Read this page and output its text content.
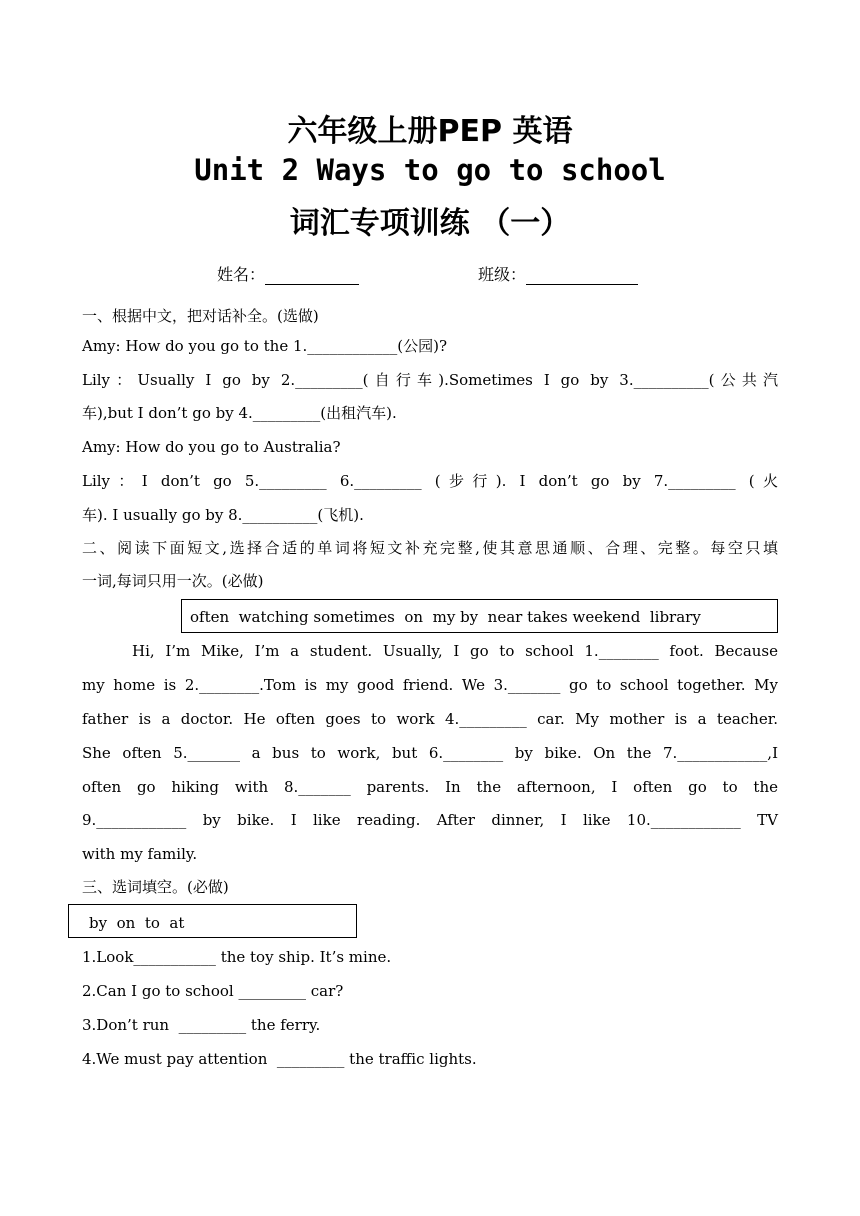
六年级上册PEP 英语
Unit 2 Ways to go to school
词汇专项训练 （一）
姓名：	班级：
一、根据中文，把对话补全。(选做)
Amy: How do you go to the 1.____________(公园)?
Lily：Usually I go by 2._________(自行车).Sometimes I go by 3.__________(公共汽
车),but I don’t go by 4._________(出租汽车).
Amy: How do you go to Australia?
Lily：I don’t go 5._________ 6._________ (步行). I don’t go by 7._________ (火
车). I usually go by 8.__________(飞机).
二、阅读下面短文,选择合适的单词将短文补充完整,使其意思通顺、合理、完整。每空只填
一词,每词只用一次。(必做)
often  watching sometimes  on  my by  near takes weekend  library
Hi, I’m Mike, I’m a student. Usually, I go to school 1.________ foot. Because
my home is 2.________.Tom is my good friend. We 3._______ go to school together. My
father is a doctor. He often goes to work 4._________ car. My mother is a teacher.
She often 5._______ a bus to work, but 6.________ by bike. On the 7.____________,I
often go hiking with 8._______ parents. In the afternoon, I often go to the
9.____________ by bike. I like reading. After dinner, I like 10.____________ TV
with my family.
三、选词填空。(必做)
by  on  to  at
1.Look___________ the toy ship. It’s mine.
2.Can I go to school _________ car?
3.Don’t run  _________ the ferry.
4.We must pay attention  _________ the traffic lights.
